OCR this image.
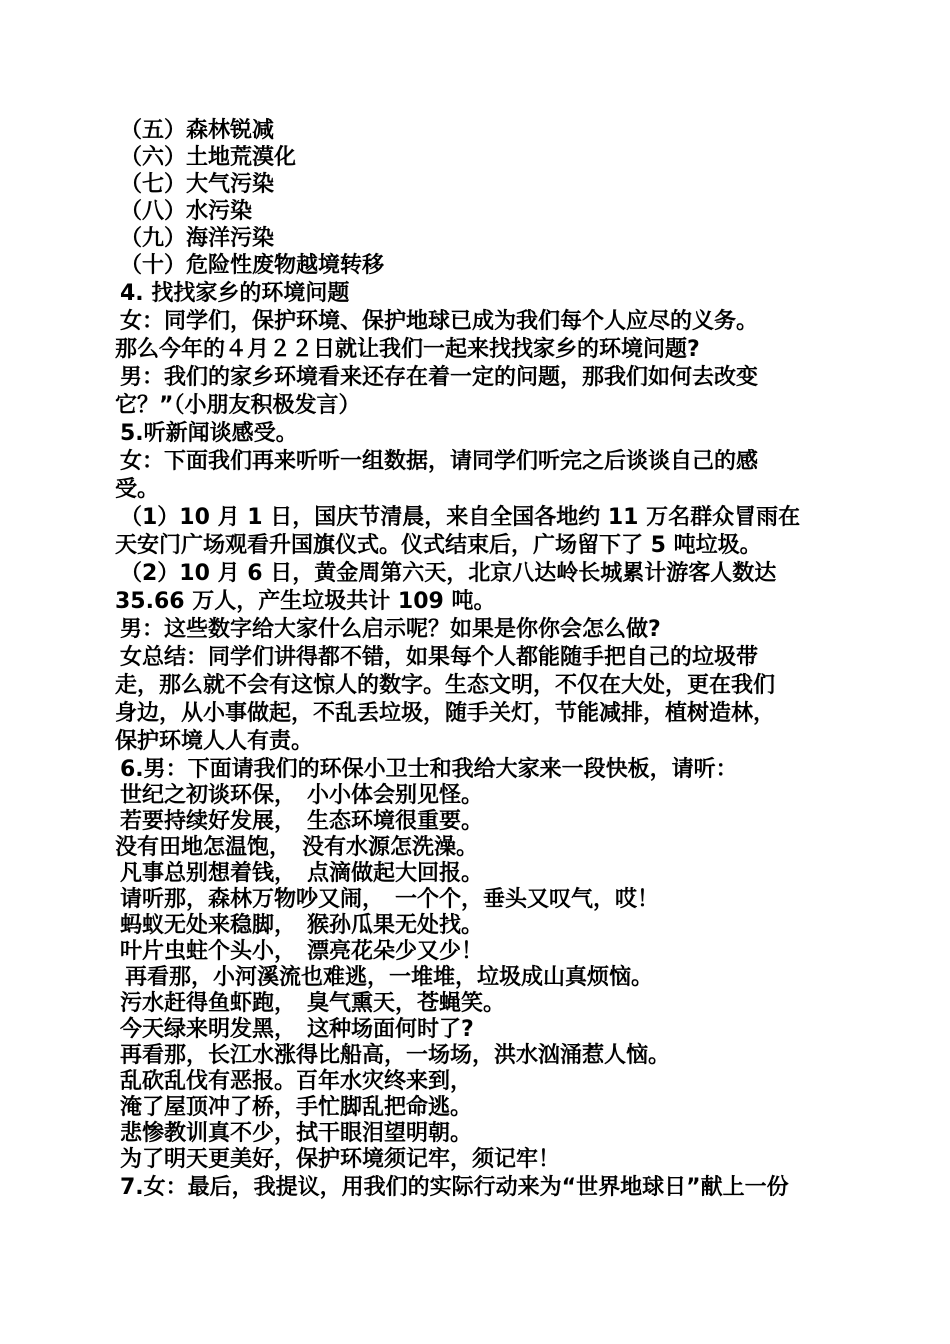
（五）森林锐减
（六）土地荒漠化
（七）大气污染
（八）水污染
（九）海洋污染
（十）危险性废物越境转移
4. 找找家乡的环境问题
女：同学们，保护环境、保护地球已成为我们每个人应尽的义务。
那么今年的４月２２日就让我们一起来找找家乡的环境问题?
男：我们的家乡环境看来还存在着一定的问题，那我们如何去改变
它？”（小朋友积极发言）
5.听新闻谈感受。
女：下面我们再来听听一组数据，请同学们听完之后谈谈自己的感
受。
（1）10 月 1 日，国庆节清晨，来自全国各地约 11 万名群众冒雨在
天安门广场观看升国旗仪式。仪式结束后，广场留下了 5 吨垃圾。
（2）10 月 6 日，黄金周第六天，北京八达岭长城累计游客人数达
35.66 万人，产生垃圾共计 109 吨。
男：这些数字给大家什么启示呢？如果是你你会怎么做?
女总结：同学们讲得都不错，如果每个人都能随手把自己的垃圾带
走，那么就不会有这惊人的数字。生态文明，不仅在大处，更在我们
身边，从小事做起，不乱丢垃圾，随手关灯，节能减排，植树造林，
保护环境人人有责。
6.男：下面请我们的环保小卫士和我给大家来一段快板，请听：
世纪之初谈环保，　小小体会别见怪。
若要持续好发展，　生态环境很重要。
没有田地怎温饱，　没有水源怎洗澡。
凡事总别想着钱，　点滴做起大回报。
请听那，森林万物吵又闹，　一个个，垂头又叹气，哎！
蚂蚁无处来稳脚，　猴孙瓜果无处找。
叶片虫蛀个头小，　漂亮花朵少又少！
再看那，小河溪流也难逃，一堆堆，垃圾成山真烦恼。
污水赶得鱼虾跑，　臭气熏天，苍蝇笑。
今天绿来明发黑，　这种场面何时了?
再看那，长江水涨得比船高，一场场，洪水汹涌惹人恼。
乱砍乱伐有恶报。百年水灾终来到，
淹了屋顶冲了桥，手忙脚乱把命逃。
悲惨教训真不少，拭干眼泪望明朝。
为了明天更美好，保护环境须记牢，须记牢！
7.女：最后，我提议，用我们的实际行动来为“世界地球日”献上一份
